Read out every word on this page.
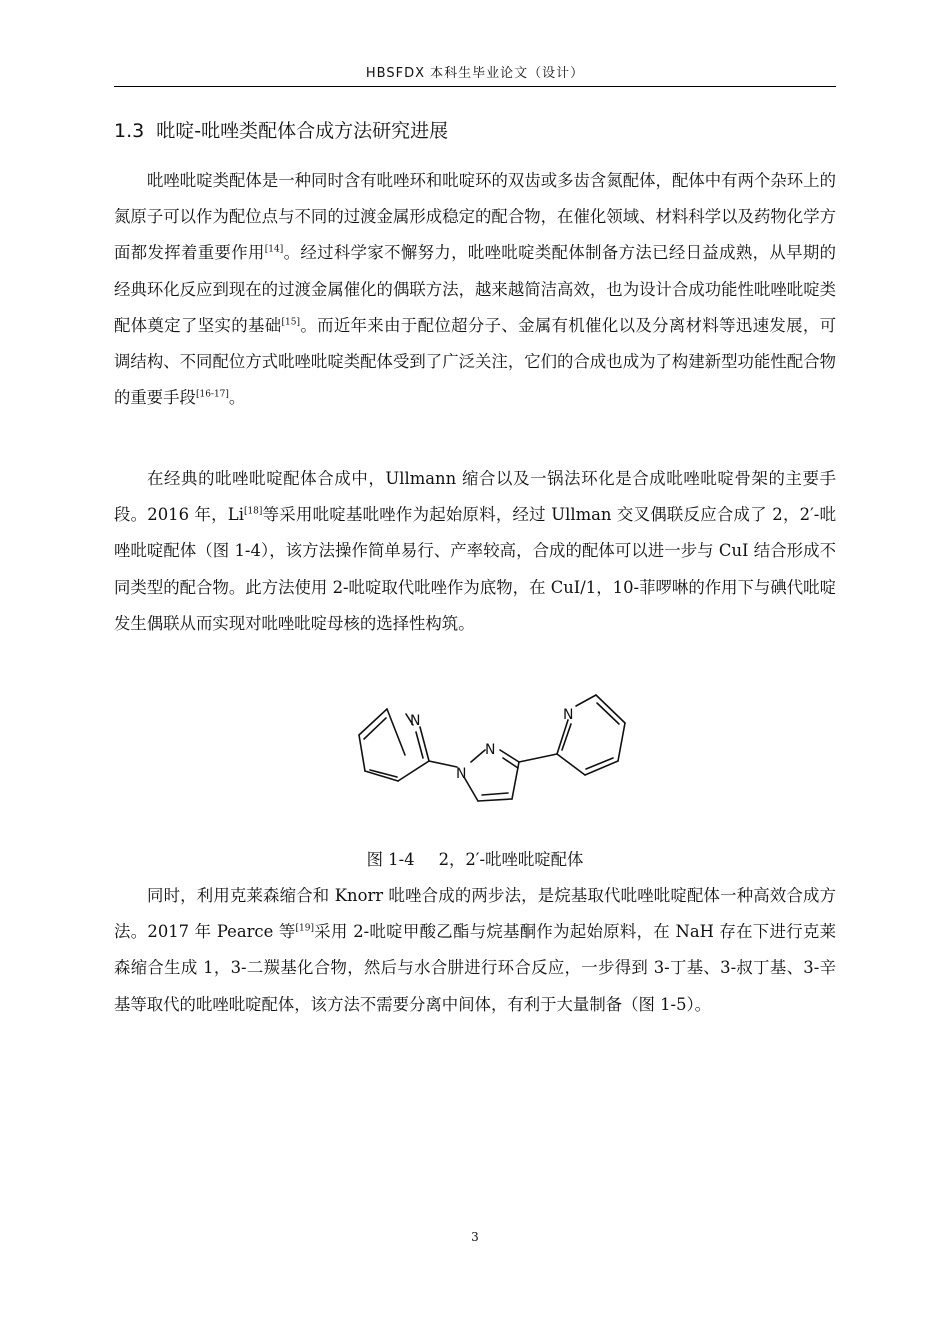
HBSFDX 本科生毕业论文（设计）
1.3 吡啶-吡唑类配体合成方法研究进展

吡唑吡啶类配体是一种同时含有吡唑环和吡啶环的双齿或多齿含氮配体，配体中有两个杂环上的氮原子可以作为配位点与不同的过渡金属形成稳定的配合物，在催化领域、材料科学以及药物化学方面都发挥着重要作用[14]。经过科学家不懈努力，吡唑吡啶类配体制备方法已经日益成熟，从早期的经典环化反应到现在的过渡金属催化的偶联方法，越来越简洁高效，也为设计合成功能性吡唑吡啶类配体奠定了坚实的基础[15]。而近年来由于配位超分子、金属有机催化以及分离材料等迅速发展，可调结构、不同配位方式吡唑吡啶类配体受到了广泛关注，它们的合成也成为了构建新型功能性配合物的重要手段[16-17]。

在经典的吡唑吡啶配体合成中，Ullmann 缩合以及一锅法环化是合成吡唑吡啶骨架的主要手段。2016 年，Li[18]等采用吡啶基吡唑作为起始原料，经过 Ullman 交叉偶联反应合成了 2，2′-吡唑吡啶配体（图 1-4），该方法操作简单易行、产率较高，合成的配体可以进一步与 CuI 结合形成不同类型的配合物。此方法使用 2-吡啶取代吡唑作为底物，在 CuI/1，10-菲啰啉的作用下与碘代吡啶发生偶联从而实现对吡唑吡啶母核的选择性构筑。

N
N
N
N
图 1-4 2，2′-吡唑吡啶配体

同时，利用克莱森缩合和 Knorr 吡唑合成的两步法，是烷基取代吡唑吡啶配体一种高效合成方法。2017 年 Pearce 等[19]采用 2-吡啶甲酸乙酯与烷基酮作为起始原料，在 NaH 存在下进行克莱森缩合生成 1，3-二羰基化合物，然后与水合肼进行环合反应，一步得到 3-丁基、3-叔丁基、3-辛基等取代的吡唑吡啶配体，该方法不需要分离中间体，有利于大量制备（图 1-5）。

3
